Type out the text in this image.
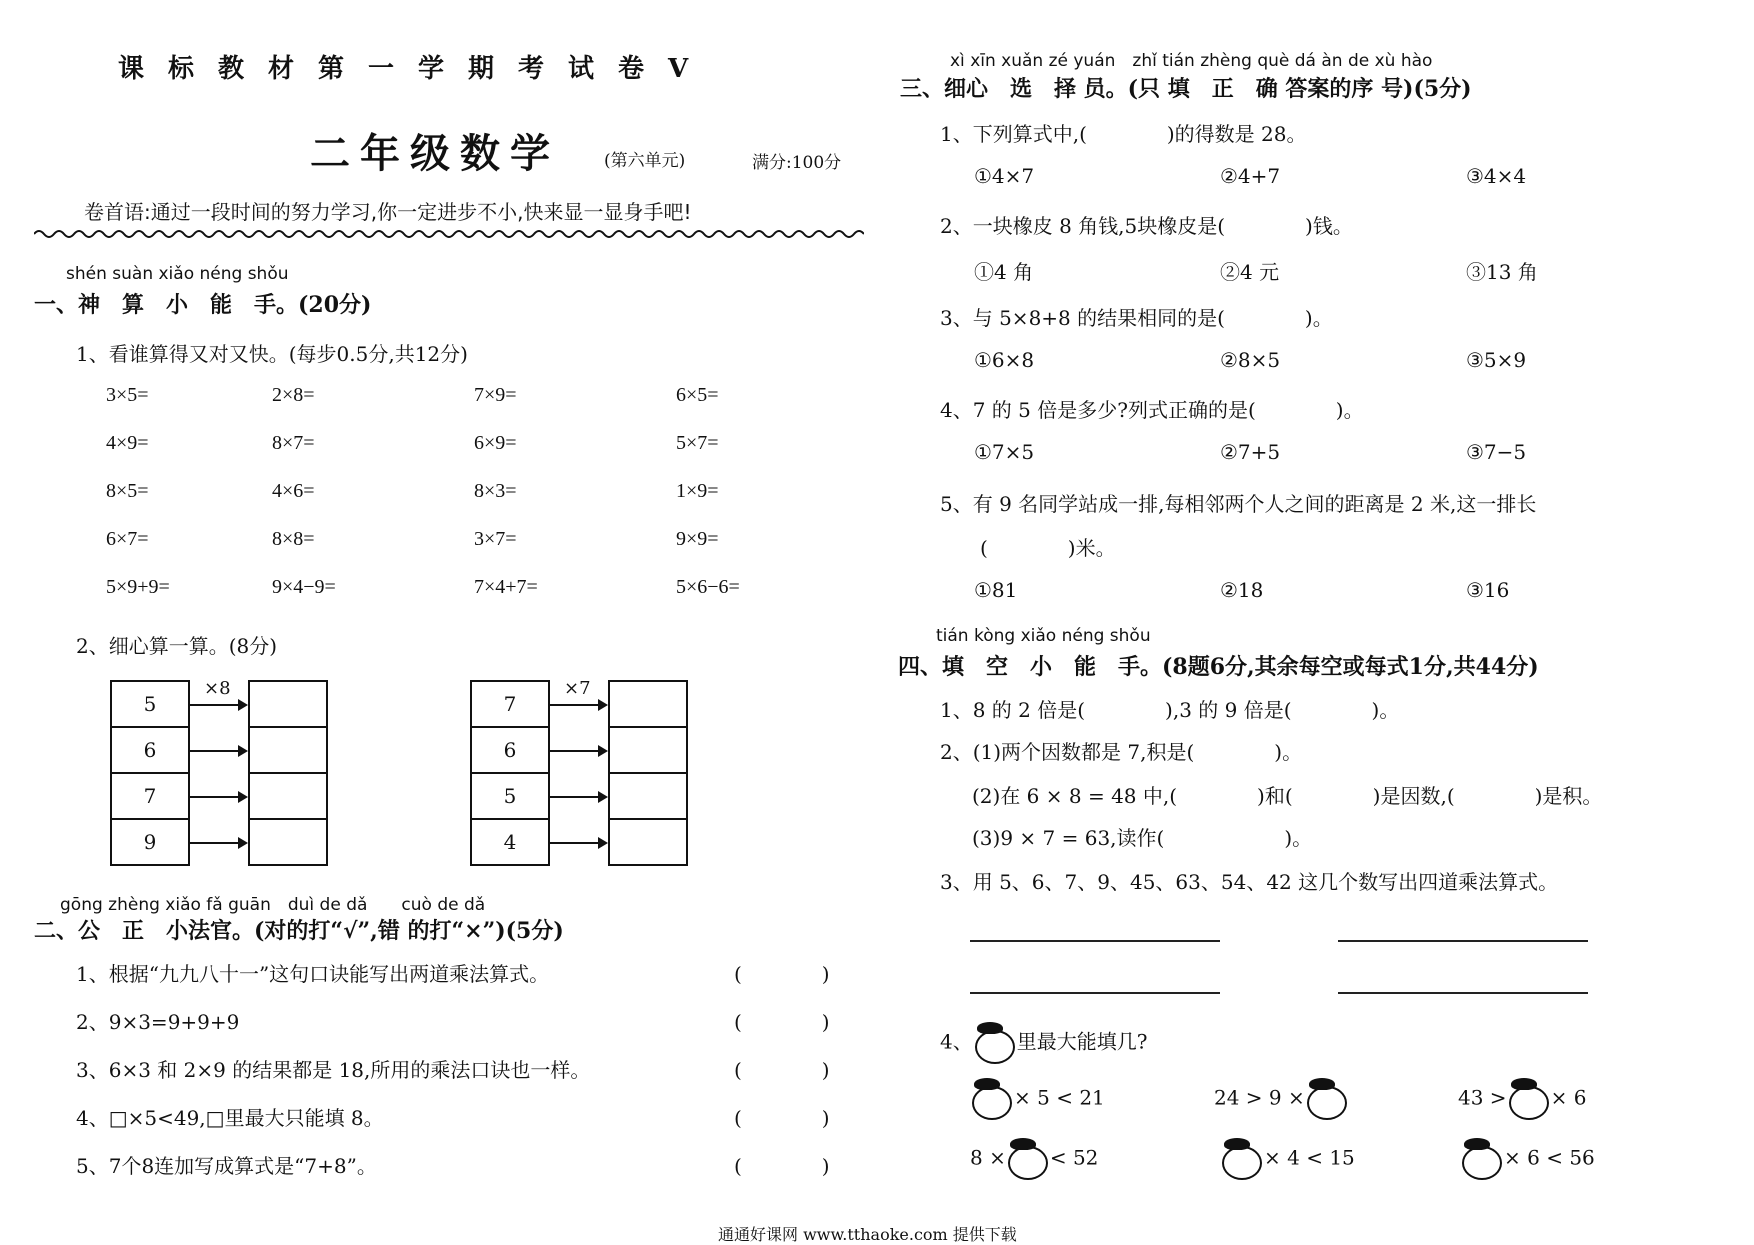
课标教材第一学期考试卷Ⅴ
二年级数学	(第六单元)	满分:100分
卷首语:通过一段时间的努力学习,你一定进步不小,快来显一显身手吧!
shén suàn xiǎo néng shǒu
一、神　算　小　能　手。(20分)
1、看谁算得又对又快。(每步0.5分,共12分)
2、细心算一算。(8分)
5
6
7
9
×8
7
6
5
4
×7
gōng zhèng xiǎo fǎ guān　duì de dǎ　　cuò de dǎ
二、公　正　小法官。(对的打“√”,错 的打“×”)(5分)
xì xīn xuǎn zé yuán　zhǐ tián zhèng què dá àn de xù hào
三、细心　选　择 员。(只 填　正　确 答案的序 号)(5分)
tián kòng xiǎo néng shǒu
四、填　空　小　能　手。(8题6分,其余每空或每式1分,共44分)
1、8 的 2 倍是(　　　　),3 的 9 倍是(　　　　)。
2、(1)两个因数都是 7,积是(　　　　)。
(2)在 6 × 8 = 48 中,(　　　　)和(　　　　)是因数,(　　　　)是积。
(3)9 × 7 = 63,读作(　　　　　　)。
3、用 5、6、7、9、45、63、54、42 这几个数写出四道乘法算式。
4、 里最大能填几?
通通好课网 www.tthaoke.com 提供下载
3×5=	2×8=	7×9=	6×5=
4×9=	8×7=	6×9=	5×7=
8×5=	4×6=	8×3=	1×9=
6×7=	8×8=	3×7=	9×9=
5×9+9=	9×4−9=	7×4+7=	5×6−6=
1、根据“九九八十一”这句口诀能写出两道乘法算式。	(　　　　)
2、9×3=9+9+9	(　　　　)
3、6×3 和 2×9 的结果都是 18,所用的乘法口诀也一样。	(　　　　)
4、□×5<49,□里最大只能填 8。	(　　　　)
5、7个8连加写成算式是“7+8”。	(　　　　)
1、下列算式中,(　　　　)的得数是 28。
①4×7	②4+7	③4×4
2、一块橡皮 8 角钱,5块橡皮是(　　　　)钱。
①4 角	②4 元	③13 角
3、与 5×8+8 的结果相同的是(　　　　)。
①6×8	②8×5	③5×9
4、7 的 5 倍是多少?列式正确的是(　　　　)。
①7×5	②7+5	③7−5
5、有 9 名同学站成一排,每相邻两个人之间的距离是 2 米,这一排长
(　　　　)米。
①81	②18	③16
× 5 < 21	24 > 9 ×	43 > × 6
8 × < 52	× 4 < 15	× 6 < 56
